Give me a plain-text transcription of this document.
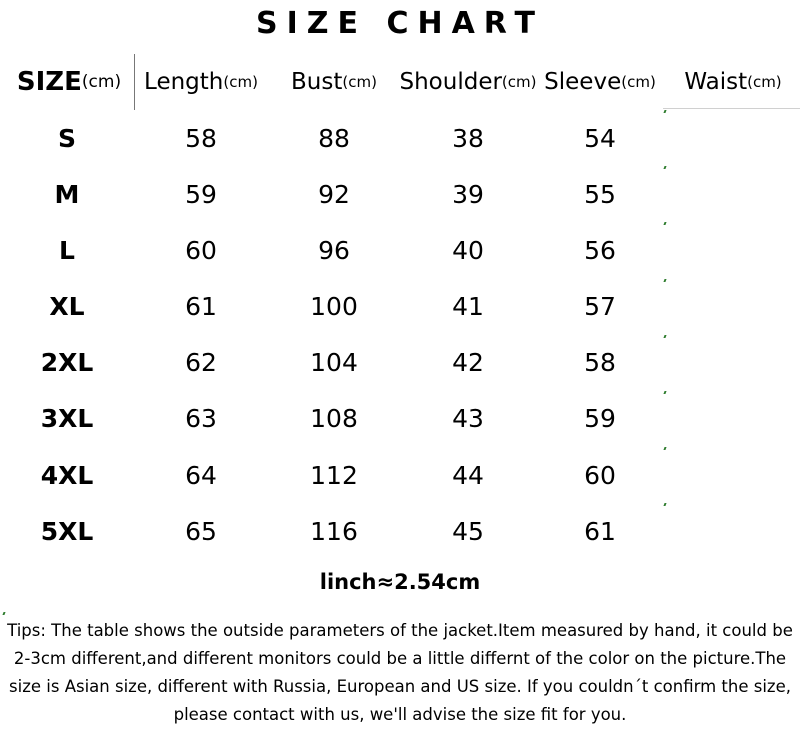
SIZE CHART
SIZE (cm) Length (cm) Bust (cm) Shoulder (cm) Sleeve (cm) Waist (cm)
S	58	88	38	54
M	59	92	39	55
L	60	96	40	56
XL	61	100	41	57
2XL	62	104	42	58
3XL	63	108	43	59
4XL	64	112	44	60
5XL	65	116	45	61
linch≈2.54cm
Tips: The table shows the outside parameters of the jacket.Item measured by hand, it could be 2-3cm different,and different monitors could be a little differnt of the color on the picture.The size is Asian size, different with Russia, European and US size. If you couldn´t confirm the size, please contact with us, we'll advise the size fit for you.
